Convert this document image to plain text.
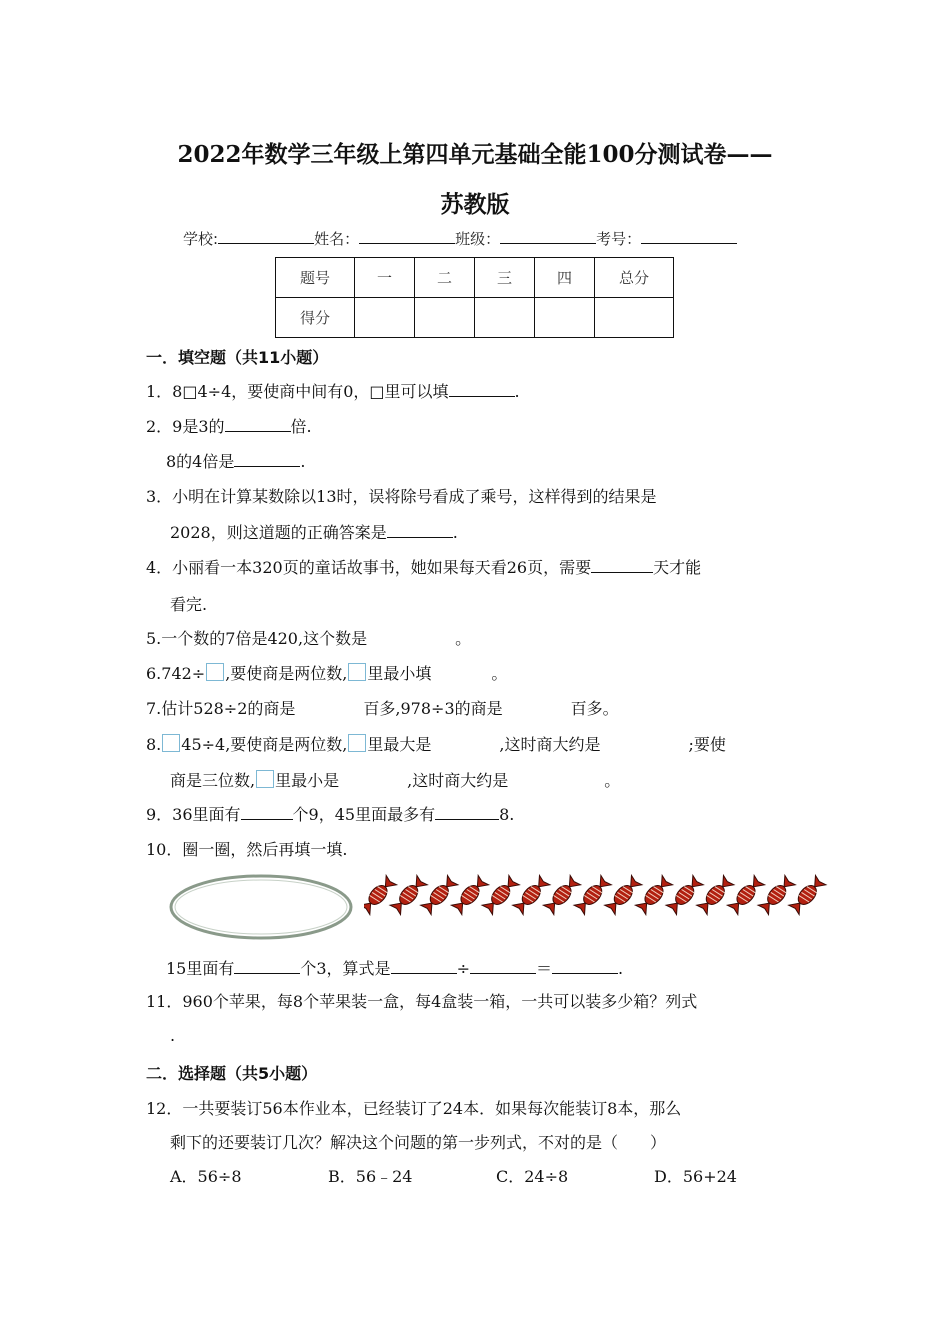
2022年数学三年级上第四单元基础全能100分测试卷——
苏教版
学校:	姓名：	班级：	考号：
题号	一	二	三	四	总分
得分					
一．填空题（共11小题）
1．8□4÷4，要使商中间有0，□里可以填	.
2．9是3的	倍.
8的4倍是	.
3．小明在计算某数除以13时，误将除号看成了乘号，这样得到的结果是
2028，则这道题的正确答案是	.
4．小丽看一本320页的童话故事书，她如果每天看26页，需要	天才能
看完.
5.一个数的7倍是420,这个数是	。
6.742÷ ,要使商是两位数, 里最小填	。
7.估计528÷2的商是	百多,978÷3的商是	百多。
8. 45÷4,要使商是两位数, 里最大是	,这时商大约是	;要使
商是三位数, 里最小是	,这时商大约是	。
9．36里面有	个9，45里面最多有	8.
10．圈一圈，然后再填一填.
15里面有	个3，算式是	÷	＝	.
11．960个苹果，每8个苹果装一盒，每4盒装一箱，一共可以装多少箱？列式
.
二．选择题（共5小题）
12．一共要装订56本作业本，已经装订了24本．如果每次能装订8本，那么
剩下的还要装订几次？解决这个问题的第一步列式，不对的是（　　）
A．56÷8	B．56﹣24	C．24÷8	D．56+24
